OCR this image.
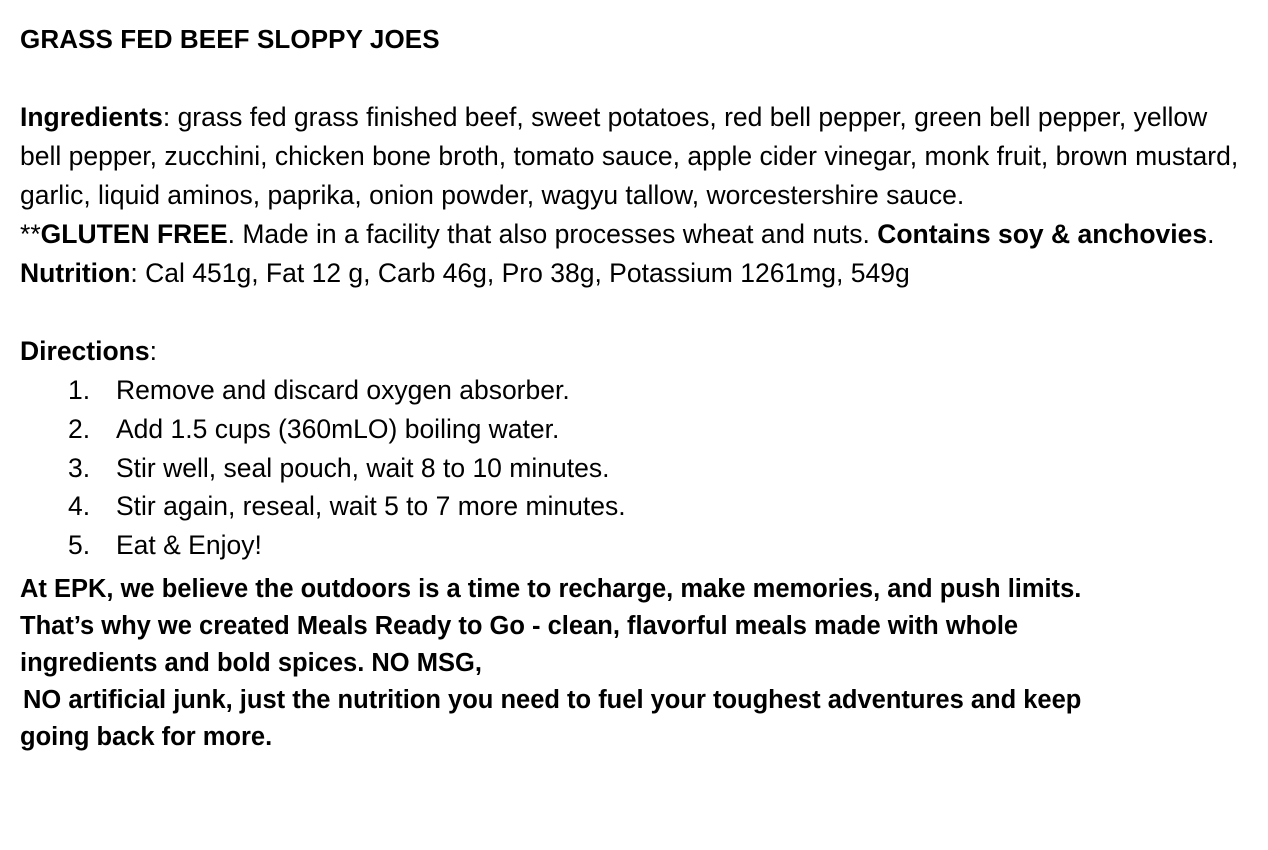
GRASS FED BEEF SLOPPY JOES

Ingredients: grass fed grass finished beef, sweet potatoes, red bell pepper, green bell pepper, yellow bell pepper, zucchini, chicken bone broth, tomato sauce, apple cider vinegar, monk fruit, brown mustard, garlic, liquid aminos, paprika, onion powder, wagyu tallow, worcestershire sauce.

**GLUTEN FREE. Made in a facility that also processes wheat and nuts. Contains soy & anchovies.

Nutrition: Cal 451g, Fat 12 g, Carb 46g, Pro 38g, Potassium 1261mg, 549g

Directions:

1. Remove and discard oxygen absorber.
2. Add 1.5 cups (360mLO) boiling water.
3. Stir well, seal pouch, wait 8 to 10 minutes.
4. Stir again, reseal, wait 5 to 7 more minutes.
5. Eat & Enjoy!
At EPK, we believe the outdoors is a time to recharge, make memories, and push limits.
That’s why we created Meals Ready to Go - clean, flavorful meals made with whole
ingredients and bold spices. NO MSG,
NO artificial junk, just the nutrition you need to fuel your toughest adventures and keep
going back for more.
